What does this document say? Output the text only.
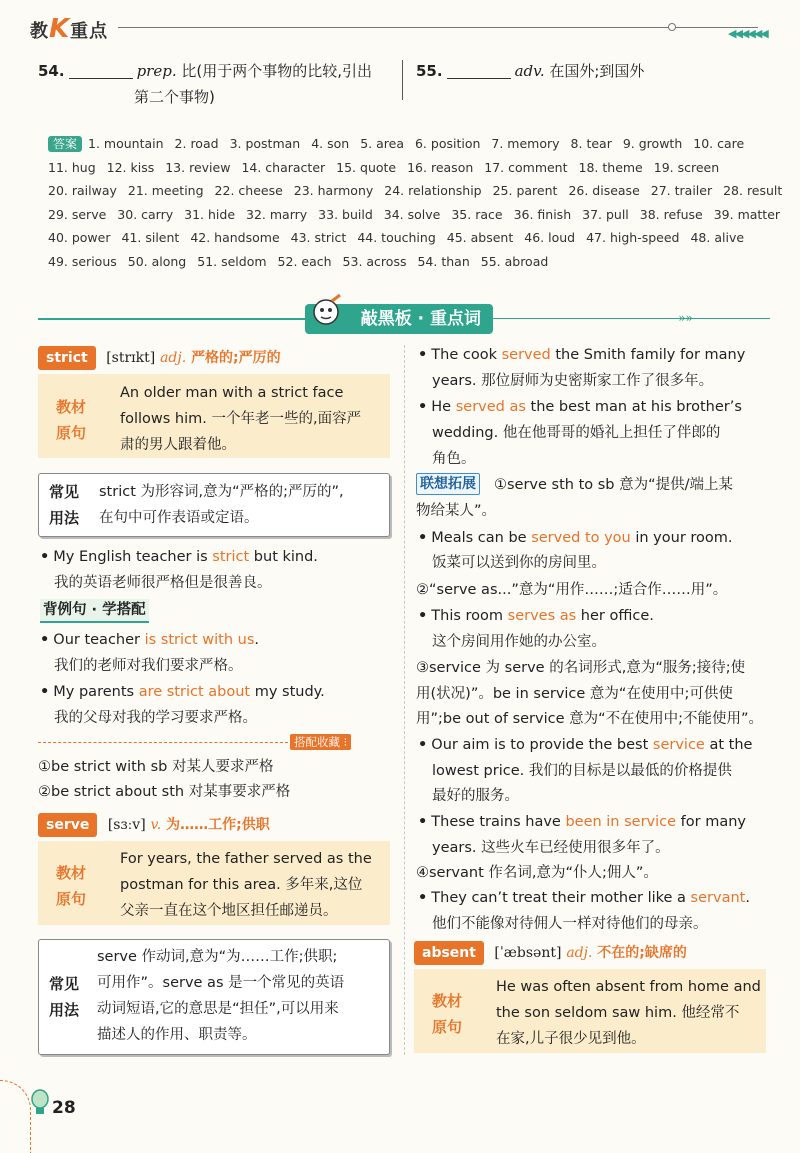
教K重点	◀◀◀◀◀◀
54.	prep. 比(用于两个事物的比较,引出
第二个事物)
55.	adv. 在国外;到国外
答案 1. mountain 2. road 3. postman 4. son 5. area 6. position 7. memory 8. tear 9. growth 10. care
11. hug 12. kiss 13. review 14. character 15. quote 16. reason 17. comment 18. theme 19. screen
20. railway 21. meeting 22. cheese 23. harmony 24. relationship 25. parent 26. disease 27. trailer 28. result
29. serve 30. carry 31. hide 32. marry 33. build 34. solve 35. race 36. finish 37. pull 38. refuse 39. matter
40. power 41. silent 42. handsome 43. strict 44. touching 45. absent 46. loud 47. high-speed 48. alive
49. serious 50. along 51. seldom 52. each 53. across 54. than 55. abroad
敲黑板 · 重点词	-»»-
strict [strɪkt] adj. 严格的;严厉的
教材
原句
An older man with a strict face
follows him. 一个年老一些的,面容严
肃的男人跟着他。
常见
用法
strict 为形容词,意为“严格的;严厉的”,
在句中可作表语或定语。
• My English teacher is strict but kind.
我的英语老师很严格但是很善良。
背例句 · 学搭配
• Our teacher is strict with us.
我们的老师对我们要求严格。
• My parents are strict about my study.
我的父母对我的学习要求严格。
搭配收藏 ⁝
①be strict with sb 对某人要求严格
②be strict about sth 对某事要求严格
serve [sɜːv] v. 为……工作;供职
教材
原句
For years, the father served as the
postman for this area. 多年来,这位
父亲一直在这个地区担任邮递员。
常见
用法
serve 作动词,意为“为……工作;供职;
可用作”。serve as 是一个常见的英语
动词短语,它的意思是“担任”,可以用来
描述人的作用、职责等。
• The cook served the Smith family for many
years. 那位厨师为史密斯家工作了很多年。
• He served as the best man at his brother’s
wedding. 他在他哥哥的婚礼上担任了伴郎的
角色。
联想拓展 ①serve sth to sb 意为“提供/端上某
物给某人”。
• Meals can be served to you in your room.
饭菜可以送到你的房间里。
②“serve as...”意为“用作……;适合作……用”。
• This room serves as her office.
这个房间用作她的办公室。
③service 为 serve 的名词形式,意为“服务;接待;使
用(状况)”。be in service 意为“在使用中;可供使
用”;be out of service 意为“不在使用中;不能使用”。
• Our aim is to provide the best service at the
lowest price. 我们的目标是以最低的价格提供
最好的服务。
• These trains have been in service for many
years. 这些火车已经使用很多年了。
④servant 作名词,意为“仆人;佣人”。
• They can’t treat their mother like a servant.
他们不能像对待佣人一样对待他们的母亲。
absent [ˈæbsənt] adj. 不在的;缺席的
教材
原句
He was often absent from home and
the son seldom saw him. 他经常不
在家,儿子很少见到他。
28
